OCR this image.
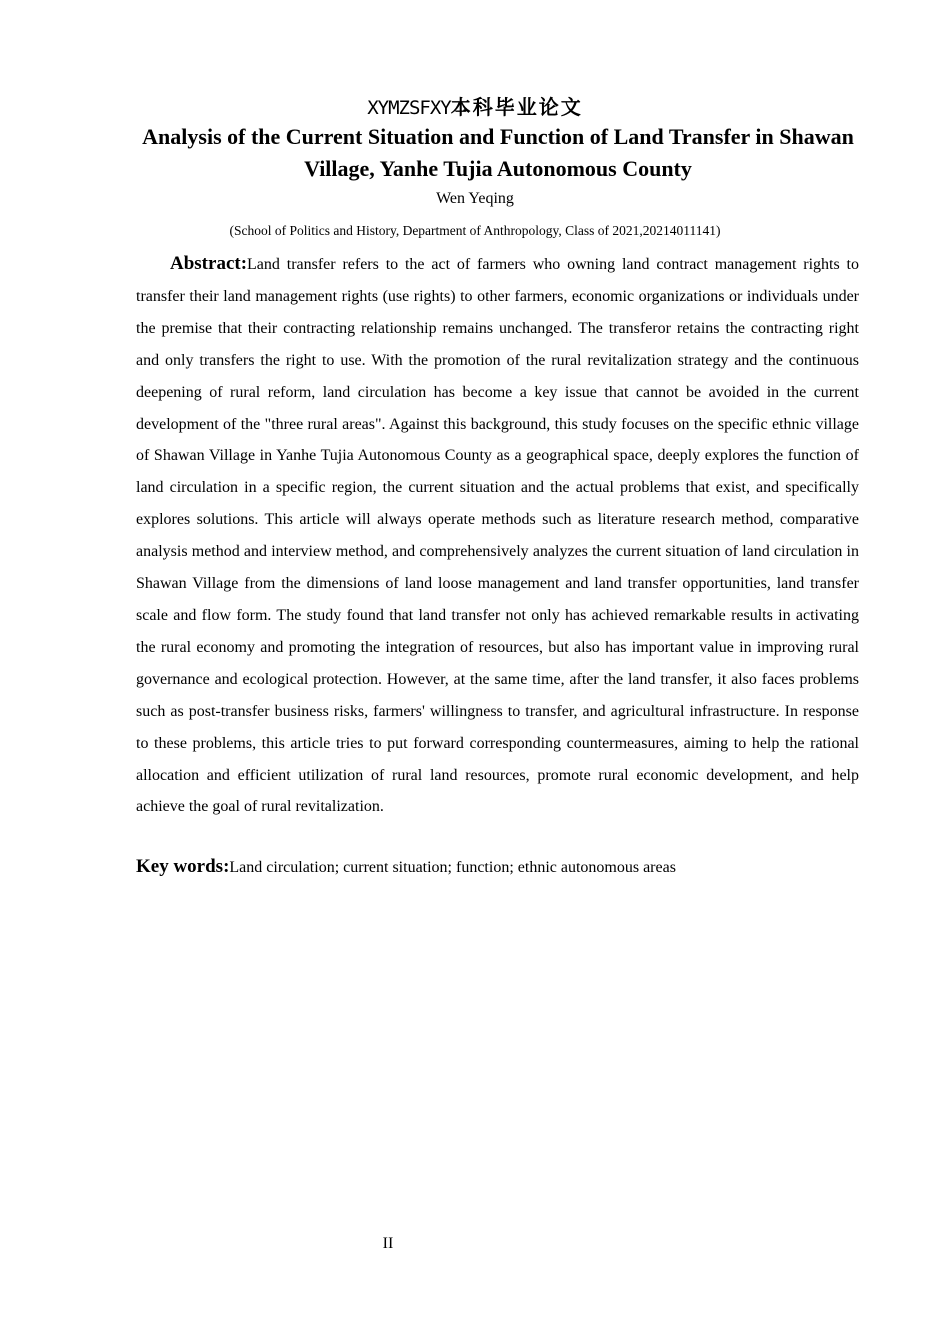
XYMZSFXY本科毕业论文
Analysis of the Current Situation and Function of Land Transfer in Shawan Village, Yanhe Tujia Autonomous County
Wen Yeqing
(School of Politics and History, Department of Anthropology, Class of 2021,20214011141)

Abstract:Land transfer refers to the act of farmers who owning land contract management rights to transfer their land management rights (use rights) to other farmers, economic organizations or individuals under the premise that their contracting relationship remains unchanged. The transferor retains the contracting right and only transfers the right to use. With the promotion of the rural revitalization strategy and the continuous deepening of rural reform, land circulation has become a key issue that cannot be avoided in the current development of the "three rural areas". Against this background, this study focuses on the specific ethnic village of Shawan Village in Yanhe Tujia Autonomous County as a geographical space, deeply explores the function of land circulation in a specific region, the current situation and the actual problems that exist, and specifically explores solutions. This article will always operate methods such as literature research method, comparative analysis method and interview method, and comprehensively analyzes the current situation of land circulation in Shawan Village from the dimensions of land loose management and land transfer opportunities, land transfer scale and flow form. The study found that land transfer not only has achieved remarkable results in activating the rural economy and promoting the integration of resources, but also has important value in improving rural governance and ecological protection. However, at the same time, after the land transfer, it also faces problems such as post-transfer business risks, farmers' willingness to transfer, and agricultural infrastructure. In response to these problems, this article tries to put forward corresponding countermeasures, aiming to help the rational allocation and efficient utilization of rural land resources, promote rural economic development, and help achieve the goal of rural revitalization.

Key words:Land circulation; current situation; function; ethnic autonomous areas

II
